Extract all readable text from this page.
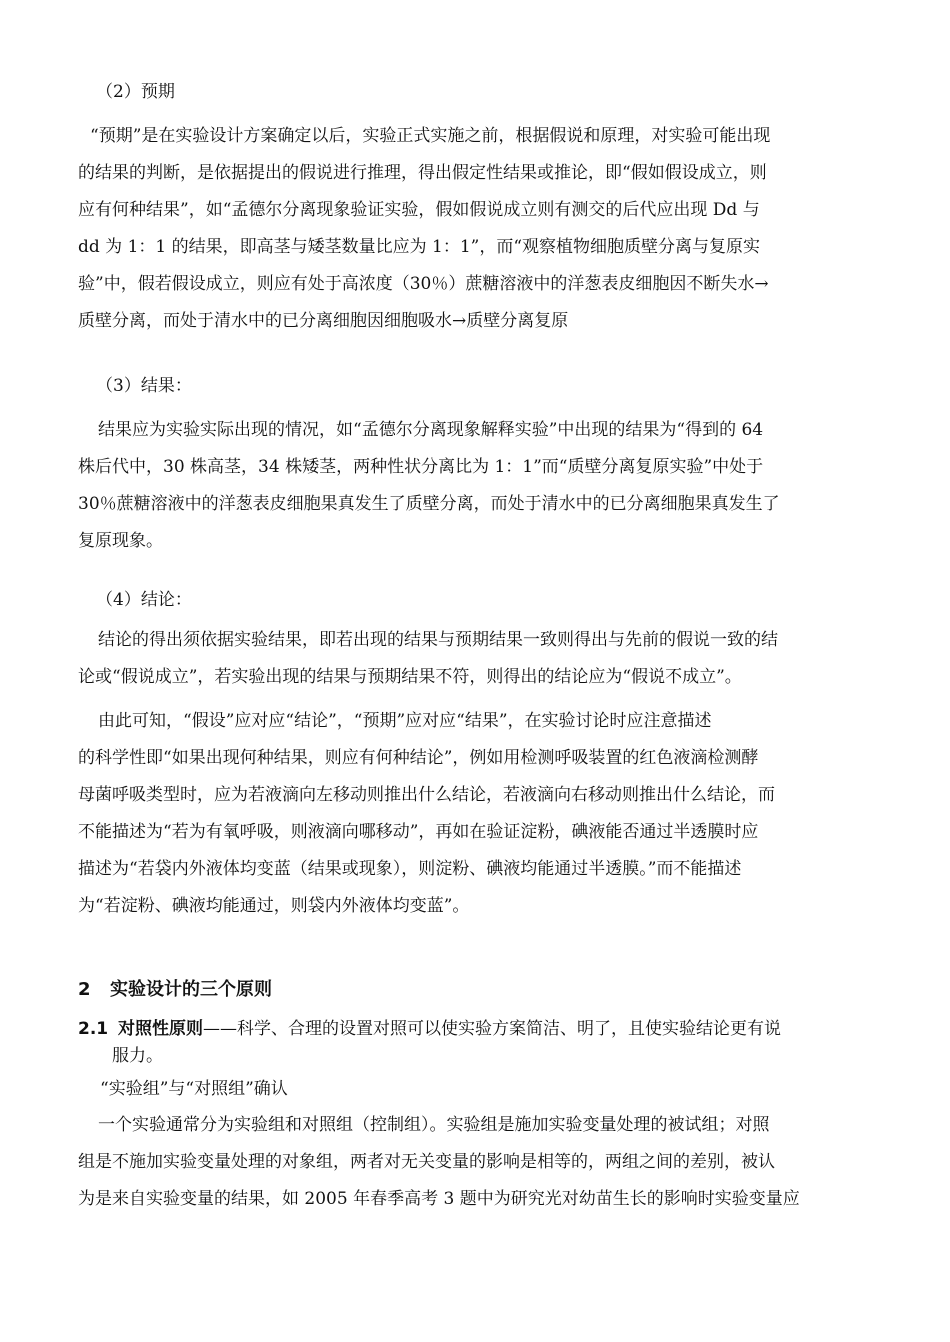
（2）预期

“预期”是在实验设计方案确定以后，实验正式实施之前，根据假说和原理，对实验可能出现
的结果的判断，是依据提出的假说进行推理，得出假定性结果或推论，即“假如假设成立，则
应有何种结果”，如“孟德尔分离现象验证实验，假如假说成立则有测交的后代应出现 Dd 与
dd 为 1：1 的结果，即高茎与矮茎数量比应为 1：1”，而“观察植物细胞质壁分离与复原实
验”中，假若假设成立，则应有处于高浓度（30％）蔗糖溶液中的洋葱表皮细胞因不断失水→
质壁分离，而处于清水中的已分离细胞因细胞吸水→质壁分离复原

（3）结果：

结果应为实验实际出现的情况，如“孟德尔分离现象解释实验”中出现的结果为“得到的 64
株后代中，30 株高茎，34 株矮茎，两种性状分离比为 1：1”而“质壁分离复原实验”中处于
30％蔗糖溶液中的洋葱表皮细胞果真发生了质壁分离，而处于清水中的已分离细胞果真发生了
复原现象。

（4）结论：

结论的得出须依据实验结果，即若出现的结果与预期结果一致则得出与先前的假说一致的结
论或“假说成立”，若实验出现的结果与预期结果不符，则得出的结论应为“假说不成立”。
由此可知，“假设”应对应“结论”，“预期”应对应“结果”，在实验讨论时应注意描述
的科学性即“如果出现何种结果，则应有何种结论”，例如用检测呼吸装置的红色液滴检测酵
母菌呼吸类型时，应为若液滴向左移动则推出什么结论，若液滴向右移动则推出什么结论，而
不能描述为“若为有氧呼吸，则液滴向哪移动”，再如在验证淀粉，碘液能否通过半透膜时应
描述为“若袋内外液体均变蓝（结果或现象），则淀粉、碘液均能通过半透膜。”而不能描述
为“若淀粉、碘液均能通过，则袋内外液体均变蓝”。

2 实验设计的三个原则

2.1 对照性原则——科学、合理的设置对照可以使实验方案简洁、明了，且使实验结论更有说
服力。

“实验组”与“对照组”确认

一个实验通常分为实验组和对照组（控制组）。实验组是施加实验变量处理的被试组；对照
组是不施加实验变量处理的对象组，两者对无关变量的影响是相等的，两组之间的差别，被认
为是来自实验变量的结果，如 2005 年春季高考 3 题中为研究光对幼苗生长的影响时实验变量应
